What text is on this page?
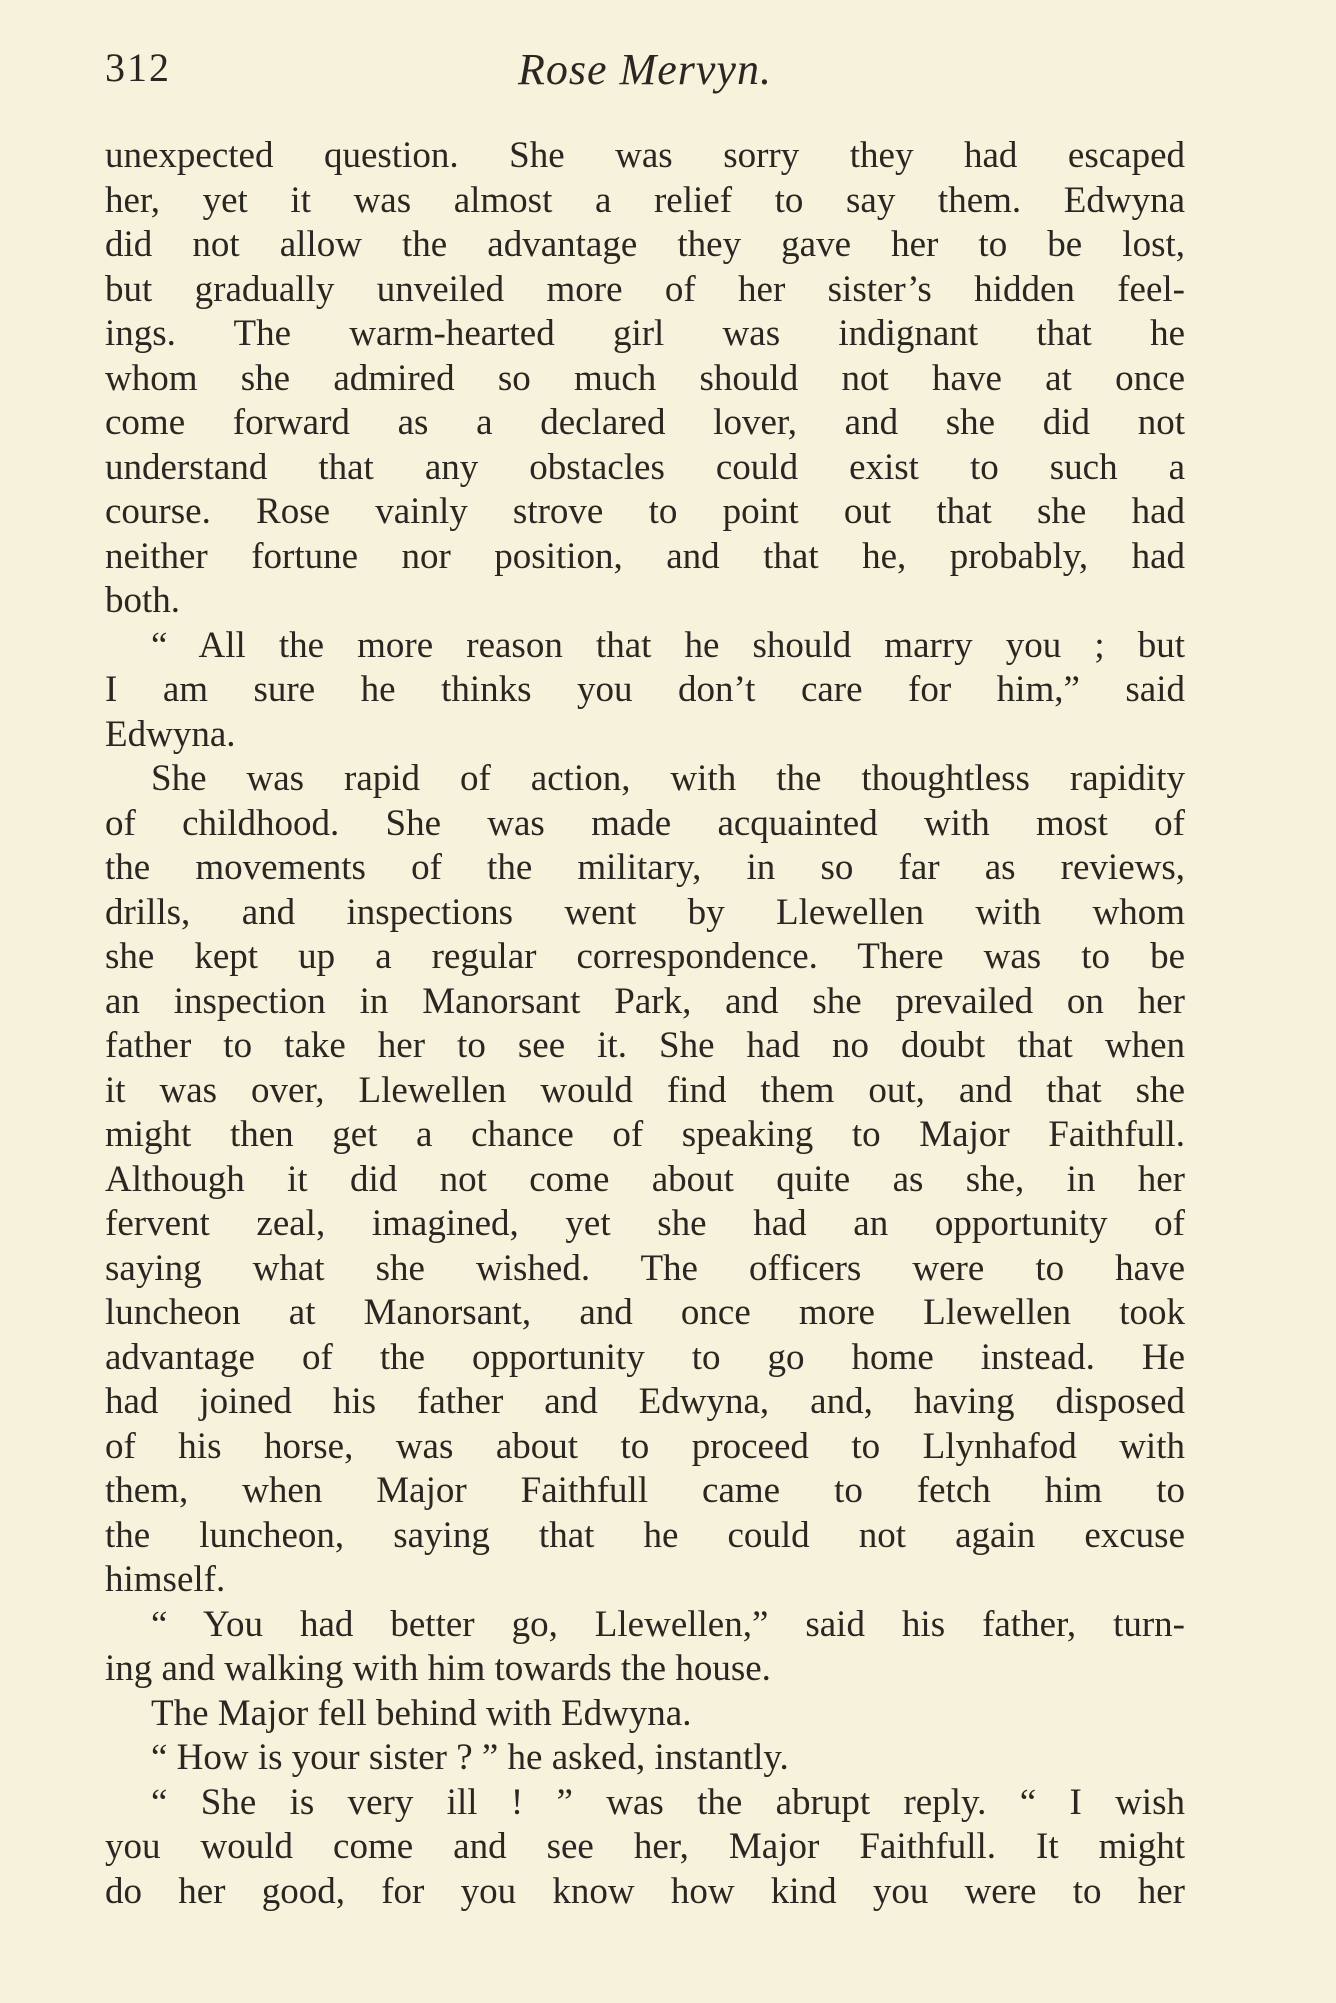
312	Rose Mervyn.
unexpected question. She was sorry they had escaped
her, yet it was almost a relief to say them. Edwyna
did not allow the advantage they gave her to be lost,
but gradually unveiled more of her sister’s hidden feel-
ings. The warm-hearted girl was indignant that he
whom she admired so much should not have at once
come forward as a declared lover, and she did not
understand that any obstacles could exist to such a
course. Rose vainly strove to point out that she had
neither fortune nor position, and that he, probably, had
both.
“ All the more reason that he should marry you ; but
I am sure he thinks you don’t care for him,” said
Edwyna.
She was rapid of action, with the thoughtless rapidity
of childhood. She was made acquainted with most of
the movements of the military, in so far as reviews,
drills, and inspections went by Llewellen with whom
she kept up a regular correspondence. There was to be
an inspection in Manorsant Park, and she prevailed on her
father to take her to see it. She had no doubt that when
it was over, Llewellen would find them out, and that she
might then get a chance of speaking to Major Faithfull.
Although it did not come about quite as she, in her
fervent zeal, imagined, yet she had an opportunity of
saying what she wished. The officers were to have
luncheon at Manorsant, and once more Llewellen took
advantage of the opportunity to go home instead. He
had joined his father and Edwyna, and, having disposed
of his horse, was about to proceed to Llynhafod with
them, when Major Faithfull came to fetch him to
the luncheon, saying that he could not again excuse
himself.
“ You had better go, Llewellen,” said his father, turn-
ing and walking with him towards the house.
The Major fell behind with Edwyna.
“ How is your sister ? ” he asked, instantly.
“ She is very ill ! ” was the abrupt reply. “ I wish
you would come and see her, Major Faithfull. It might
do her good, for you know how kind you were to her
